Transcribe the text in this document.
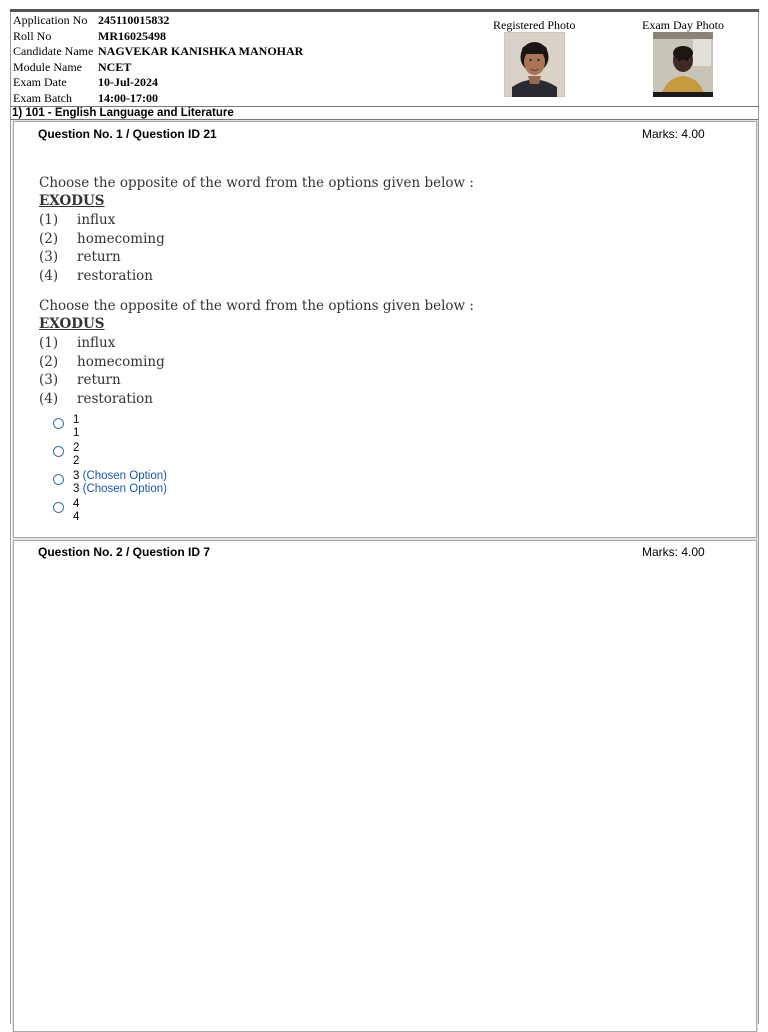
Application No 245110015832
Roll No	MR16025498
Candidate Name NAGVEKAR KANISHKA MANOHAR
Module Name NCET
Exam Date	10-Jul-2024
Exam Batch 14:00-17:00
Registered Photo	Exam Day Photo
1) 101 - English Language and Literature
Question No. 1 / Question ID 21	Marks: 4.00
Choose the opposite of the word from the options given below :
EXODUS
(1) influx
(2) homecoming
(3) return
(4) restoration
Choose the opposite of the word from the options given below :
EXODUS
(1) influx
(2) homecoming
(3) return
(4) restoration
1
1
2
2
3 (Chosen Option)
3 (Chosen Option)
4
4
Question No. 2 / Question ID 7	Marks: 4.00
